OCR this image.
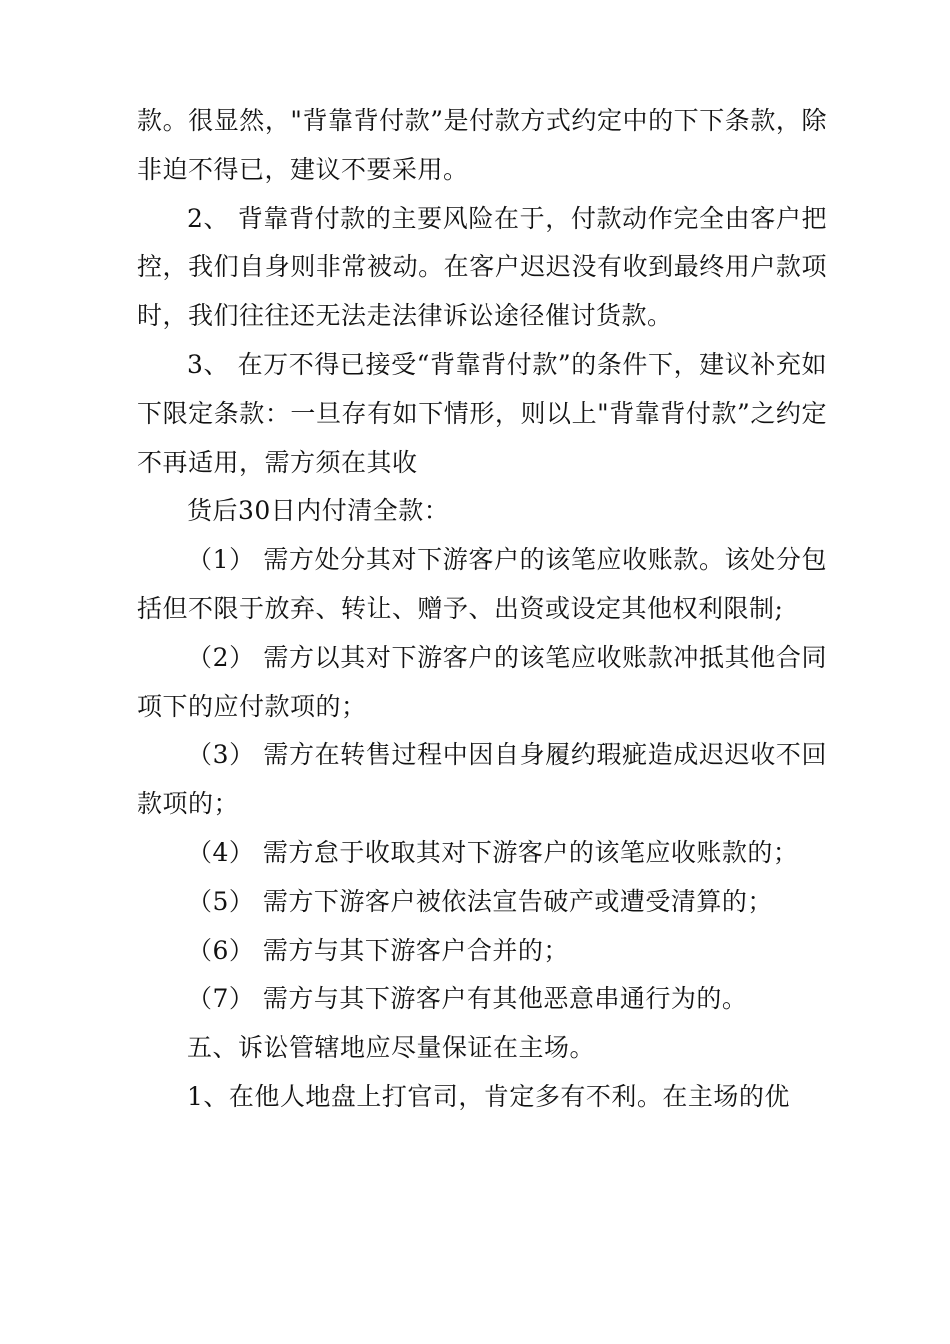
款。很显然，"背靠背付款”是付款方式约定中的下下条款，除非迫不得已，建议不要采用。

2、 背靠背付款的主要风险在于，付款动作完全由客户把控，我们自身则非常被动。在客户迟迟没有收到最终用户款项时，我们往往还无法走法律诉讼途径催讨货款。

3、 在万不得已接受“背靠背付款”的条件下，建议补充如下限定条款：一旦存有如下情形，则以上"背靠背付款”之约定不再适用，需方须在其收

货后30日内付清全款：

（1） 需方处分其对下游客户的该笔应收账款。该处分包括但不限于放弃、转让、赠予、出资或设定其他权利限制;

（2） 需方以其对下游客户的该笔应收账款冲抵其他合同项下的应付款项的；

（3） 需方在转售过程中因自身履约瑕疵造成迟迟收不回款项的；

（4） 需方怠于收取其对下游客户的该笔应收账款的；

（5） 需方下游客户被依法宣告破产或遭受清算的；

（6） 需方与其下游客户合并的；

（7） 需方与其下游客户有其他恶意串通行为的。

五、诉讼管辖地应尽量保证在主场。

1、在他人地盘上打官司，肯定多有不利。在主场的优
